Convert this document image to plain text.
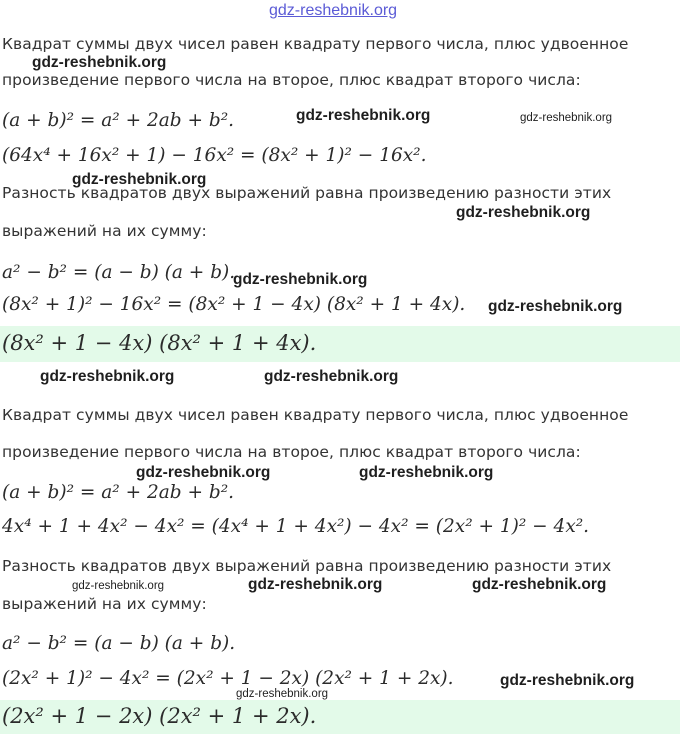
gdz-reshebnik.org
Квадрат суммы двух чисел равен квадрату первого числа, плюс удвоенное
gdz-reshebnik.org
произведение первого числа на второе, плюс квадрат второго числа:
(a + b)² = a² + 2ab + b².	gdz-reshebnik.org	gdz-reshebnik.org
(64x⁴ + 16x² + 1) − 16x² = (8x² + 1)² − 16x².
gdz-reshebnik.org
Разность квадратов двух выражений равна произведению разности этих
gdz-reshebnik.org
выражений на их сумму:
a² − b² = (a − b) (a + b).
gdz-reshebnik.org
(8x² + 1)² − 16x² = (8x² + 1 − 4x) (8x² + 1 + 4x). gdz-reshebnik.org
(8x² + 1 − 4x) (8x² + 1 + 4x).
gdz-reshebnik.org	gdz-reshebnik.org
Квадрат суммы двух чисел равен квадрату первого числа, плюс удвоенное
произведение первого числа на второе, плюс квадрат второго числа:
gdz-reshebnik.org	gdz-reshebnik.org
(a + b)² = a² + 2ab + b².
4x⁴ + 1 + 4x² − 4x² = (4x⁴ + 1 + 4x²) − 4x² = (2x² + 1)² − 4x².
Разность квадратов двух выражений равна произведению разности этих
gdz-reshebnik.org	gdz-reshebnik.org	gdz-reshebnik.org
выражений на их сумму:
a² − b² = (a − b) (a + b).
(2x² + 1)² − 4x² = (2x² + 1 − 2x) (2x² + 1 + 2x).	gdz-reshebnik.org
gdz-reshebnik.org
(2x² + 1 − 2x) (2x² + 1 + 2x).
